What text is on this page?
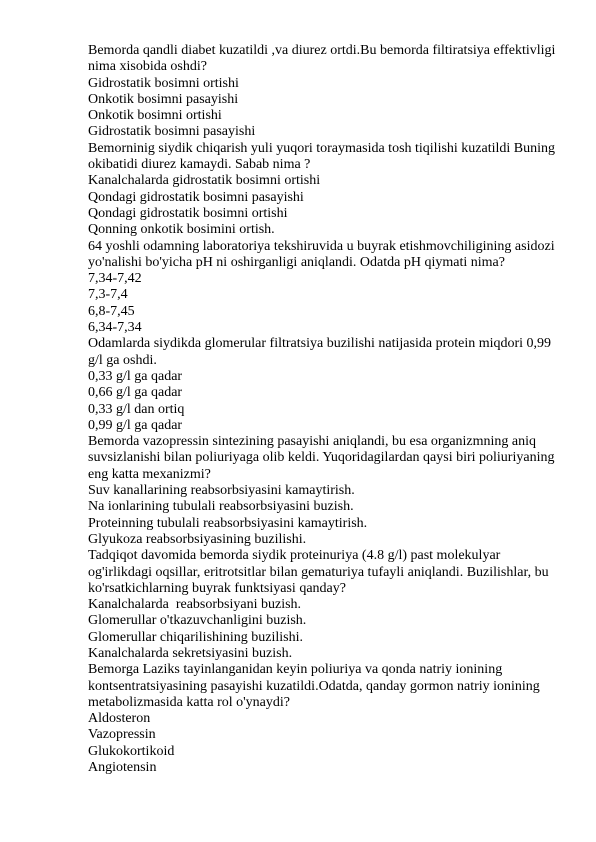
Bemorda qandli diabet kuzatildi ,va diurez ortdi.Bu bemorda filtiratsiya effektivligi nima xisobida oshdi?
Gidrostatik bosimni ortishi
Onkotik bosimni pasayishi
Onkotik bosimni ortishi
Gidrostatik bosimni pasayishi
Bemorninig siydik chiqarish yuli yuqori toraymasida tosh tiqilishi kuzatildi Buning okibatidi diurez kamaydi. Sabab nima ?
Kanalchalarda gidrostatik bosimni ortishi
Qondagi gidrostatik bosimni pasayishi
Qondagi gidrostatik bosimni ortishi
Qonning onkotik bosimini ortish.
64 yoshli odamning laboratoriya tekshiruvida u buyrak etishmovchiligining asidozi yo'nalishi bo'yicha pH ni oshirganligi aniqlandi. Odatda pH qiymati nima?
7,34-7,42
7,3-7,4
6,8-7,45
6,34-7,34
Odamlarda siydikda glomerular filtratsiya buzilishi natijasida protein miqdori 0,99 g/l ga oshdi.
0,33 g/l ga qadar
0,66 g/l ga qadar
0,33 g/l dan ortiq
0,99 g/l ga qadar
Bemorda vazopressin sintezining pasayishi aniqlandi, bu esa organizmning aniq suvsizlanishi bilan poliuriyaga olib keldi. Yuqoridagilardan qaysi biri poliuriyaning eng katta mexanizmi?
Suv kanallarining reabsorbsiyasini kamaytirish.
Na ionlarining tubulali reabsorbsiyasini buzish.
Proteinning tubulali reabsorbsiyasini kamaytirish.
Glyukoza reabsorbsiyasining buzilishi.
Tadqiqot davomida bemorda siydik proteinuriya (4.8 g/l) past molekulyar og'irlikdagi oqsillar, eritrotsitlar bilan gematuriya tufayli aniqlandi. Buzilishlar, bu ko'rsatkichlarning buyrak funktsiyasi qanday?
Kanalchalarda  reabsorbsiyani buzish.
Glomerullar o'tkazuvchanligini buzish.
Glomerullar chiqarilishining buzilishi.
Kanalchalarda sekretsiyasini buzish.
Bemorga Laziks tayinlanganidan keyin poliuriya va qonda natriy ionining kontsentratsiyasining pasayishi kuzatildi.Odatda, qanday gormon natriy ionining metabolizmasida katta rol o'ynaydi?
Aldosteron
Vazopressin
Glukokortikoid
Angiotensin
